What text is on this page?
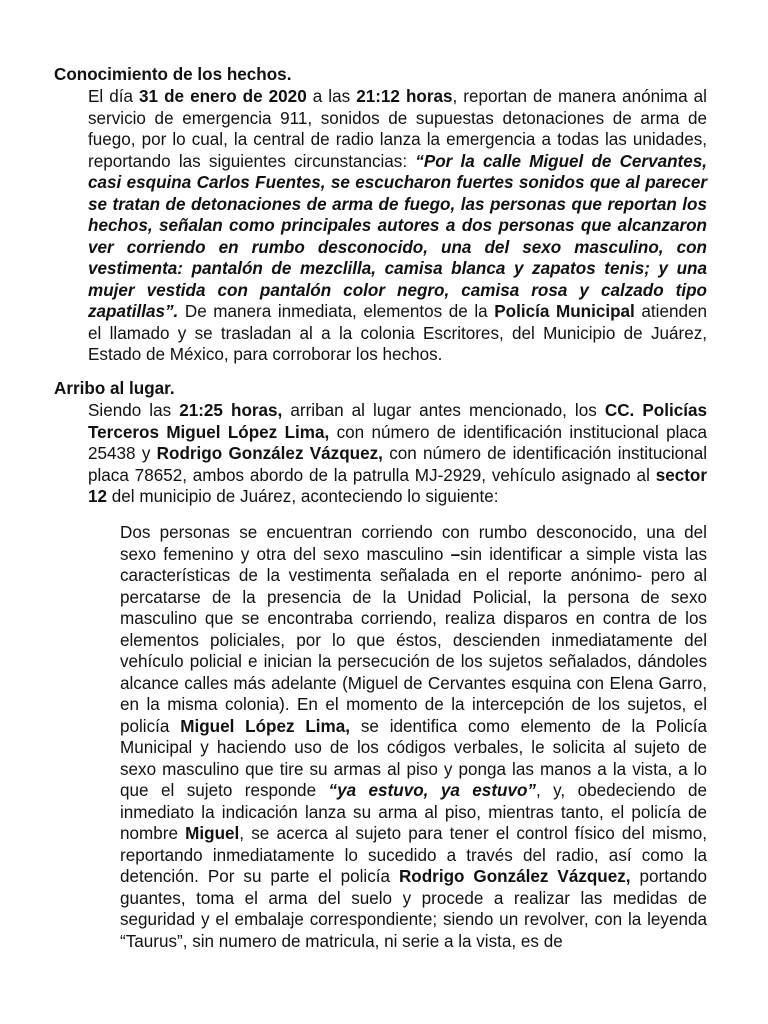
Conocimiento de los hechos.

El día 31 de enero de 2020 a las 21:12 horas, reportan de manera anónima al servicio de emergencia 911, sonidos de supuestas detonaciones de arma de fuego, por lo cual, la central de radio lanza la emergencia a todas las unidades, reportando las siguientes circunstancias: “Por la calle Miguel de Cervantes, casi esquina Carlos Fuentes, se escucharon fuertes sonidos que al parecer se tratan de detonaciones de arma de fuego, las personas que reportan los hechos, señalan como principales autores a dos personas que alcanzaron ver corriendo en rumbo desconocido, una del sexo masculino, con vestimenta: pantalón de mezclilla, camisa blanca y zapatos tenis; y una mujer vestida con pantalón color negro, camisa rosa y calzado tipo zapatillas”. De manera inmediata, elementos de la Policía Municipal atienden el llamado y se trasladan al a la colonia Escritores, del Municipio de Juárez, Estado de México, para corroborar los hechos.

Arribo al lugar.

Siendo las 21:25 horas, arriban al lugar antes mencionado, los CC. Policías Terceros Miguel López Lima, con número de identificación institucional placa 25438 y Rodrigo González Vázquez, con número de identificación institucional placa 78652, ambos abordo de la patrulla MJ-2929, vehículo asignado al sector 12 del municipio de Juárez, aconteciendo lo siguiente:

Dos personas se encuentran corriendo con rumbo desconocido, una del sexo femenino y otra del sexo masculino –sin identificar a simple vista las características de la vestimenta señalada en el reporte anónimo- pero al percatarse de la presencia de la Unidad Policial, la persona de sexo masculino que se encontraba corriendo, realiza disparos en contra de los elementos policiales, por lo que éstos, descienden inmediatamente del vehículo policial e inician la persecución de los sujetos señalados, dándoles alcance calles más adelante (Miguel de Cervantes esquina con Elena Garro, en la misma colonia). En el momento de la intercepción de los sujetos, el policía Miguel López Lima, se identifica como elemento de la Policía Municipal y haciendo uso de los códigos verbales, le solicita al sujeto de sexo masculino que tire su armas al piso y ponga las manos a la vista, a lo que el sujeto responde “ya estuvo, ya estuvo”, y, obedeciendo de inmediato la indicación lanza su arma al piso, mientras tanto, el policía de nombre Miguel, se acerca al sujeto para tener el control físico del mismo, reportando inmediatamente lo sucedido a través del radio, así como la detención. Por su parte el policía Rodrigo González Vázquez, portando guantes, toma el arma del suelo y procede a realizar las medidas de seguridad y el embalaje correspondiente; siendo un revolver, con la leyenda “Taurus”, sin numero de matricula, ni serie a la vista, es de
